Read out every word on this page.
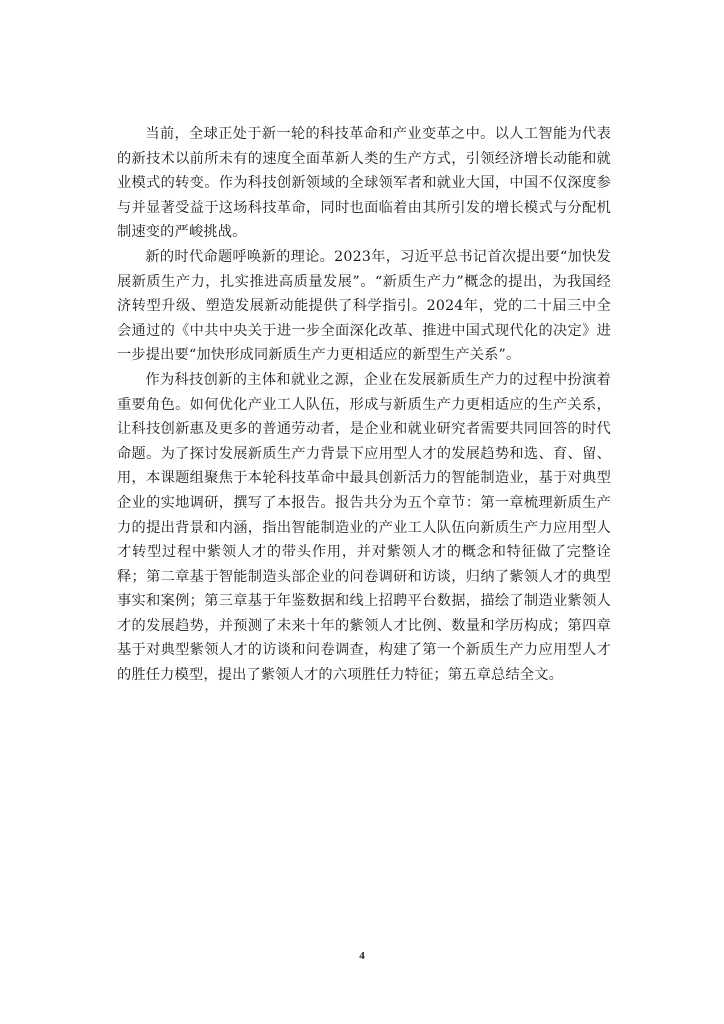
当前，全球正处于新一轮的科技革命和产业变革之中。以人工智能为代表的新技术以前所未有的速度全面革新人类的生产方式，引领经济增长动能和就业模式的转变。作为科技创新领域的全球领军者和就业大国，中国不仅深度参与并显著受益于这场科技革命，同时也面临着由其所引发的增长模式与分配机制速变的严峻挑战。

新的时代命题呼唤新的理论。2023年，习近平总书记首次提出要“加快发展新质生产力，扎实推进高质量发展”。“新质生产力”概念的提出，为我国经济转型升级、塑造发展新动能提供了科学指引。2024年，党的二十届三中全会通过的《中共中央关于进一步全面深化改革、推进中国式现代化的决定》进一步提出要“加快形成同新质生产力更相适应的新型生产关系”。

作为科技创新的主体和就业之源，企业在发展新质生产力的过程中扮演着重要角色。如何优化产业工人队伍，形成与新质生产力更相适应的生产关系，让科技创新惠及更多的普通劳动者，是企业和就业研究者需要共同回答的时代命题。为了探讨发展新质生产力背景下应用型人才的发展趋势和选、育、留、用，本课题组聚焦于本轮科技革命中最具创新活力的智能制造业，基于对典型企业的实地调研，撰写了本报告。报告共分为五个章节：第一章梳理新质生产力的提出背景和内涵，指出智能制造业的产业工人队伍向新质生产力应用型人才转型过程中紫领人才的带头作用，并对紫领人才的概念和特征做了完整诠释；第二章基于智能制造头部企业的问卷调研和访谈，归纳了紫领人才的典型事实和案例；第三章基于年鉴数据和线上招聘平台数据，描绘了制造业紫领人才的发展趋势，并预测了未来十年的紫领人才比例、数量和学历构成；第四章基于对典型紫领人才的访谈和问卷调查，构建了第一个新质生产力应用型人才的胜任力模型，提出了紫领人才的六项胜任力特征；第五章总结全文。

4
